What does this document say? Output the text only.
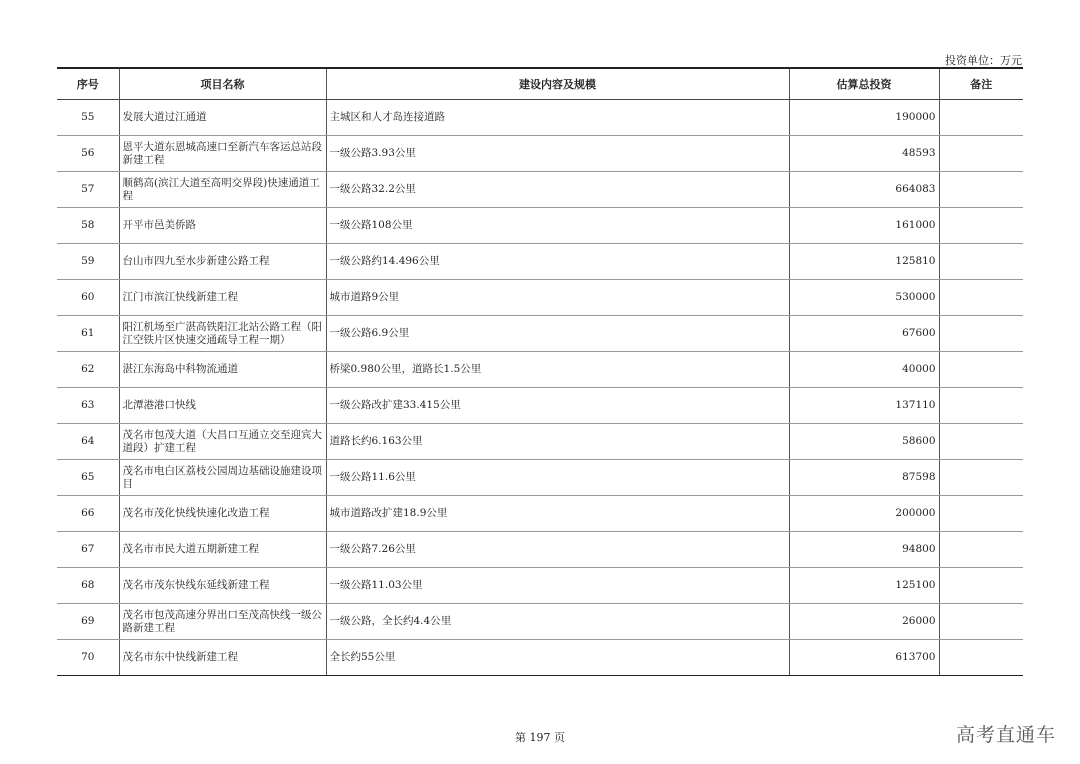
投资单位：万元
序号	项目名称	建设内容及规模	估算总投资	备注
55	发展大道过江通道	主城区和人才岛连接道路	190000	
56	恩平大道东恩城高速口至新汽车客运总站段新建工程	一级公路3.93公里	48593	
57	顺鹤高(滨江大道至高明交界段)快速通道工程	一级公路32.2公里	664083	
58	开平市邑美侨路	一级公路108公里	161000	
59	台山市四九至水步新建公路工程	一级公路约14.496公里	125810	
60	江门市滨江快线新建工程	城市道路9公里	530000	
61	阳江机场至广湛高铁阳江北站公路工程（阳江空铁片区快速交通疏导工程一期）	一级公路6.9公里	67600	
62	湛江东海岛中科物流通道	桥梁0.980公里，道路长1.5公里	40000	
63	北潭港港口快线	一级公路改扩建33.415公里	137110	
64	茂名市包茂大道（大昌口互通立交至迎宾大道段）扩建工程	道路长约6.163公里	58600	
65	茂名市电白区荔枝公园周边基础设施建设项目	一级公路11.6公里	87598	
66	茂名市茂化快线快速化改造工程	城市道路改扩建18.9公里	200000	
67	茂名市市民大道五期新建工程	一级公路7.26公里	94800	
68	茂名市茂东快线东延线新建工程	一级公路11.03公里	125100	
69	茂名市包茂高速分界出口至茂高快线一级公路新建工程	一级公路，全长约4.4公里	26000	
70	茂名市东中快线新建工程	全长约55公里	613700	
第 197 页	高考直通车
